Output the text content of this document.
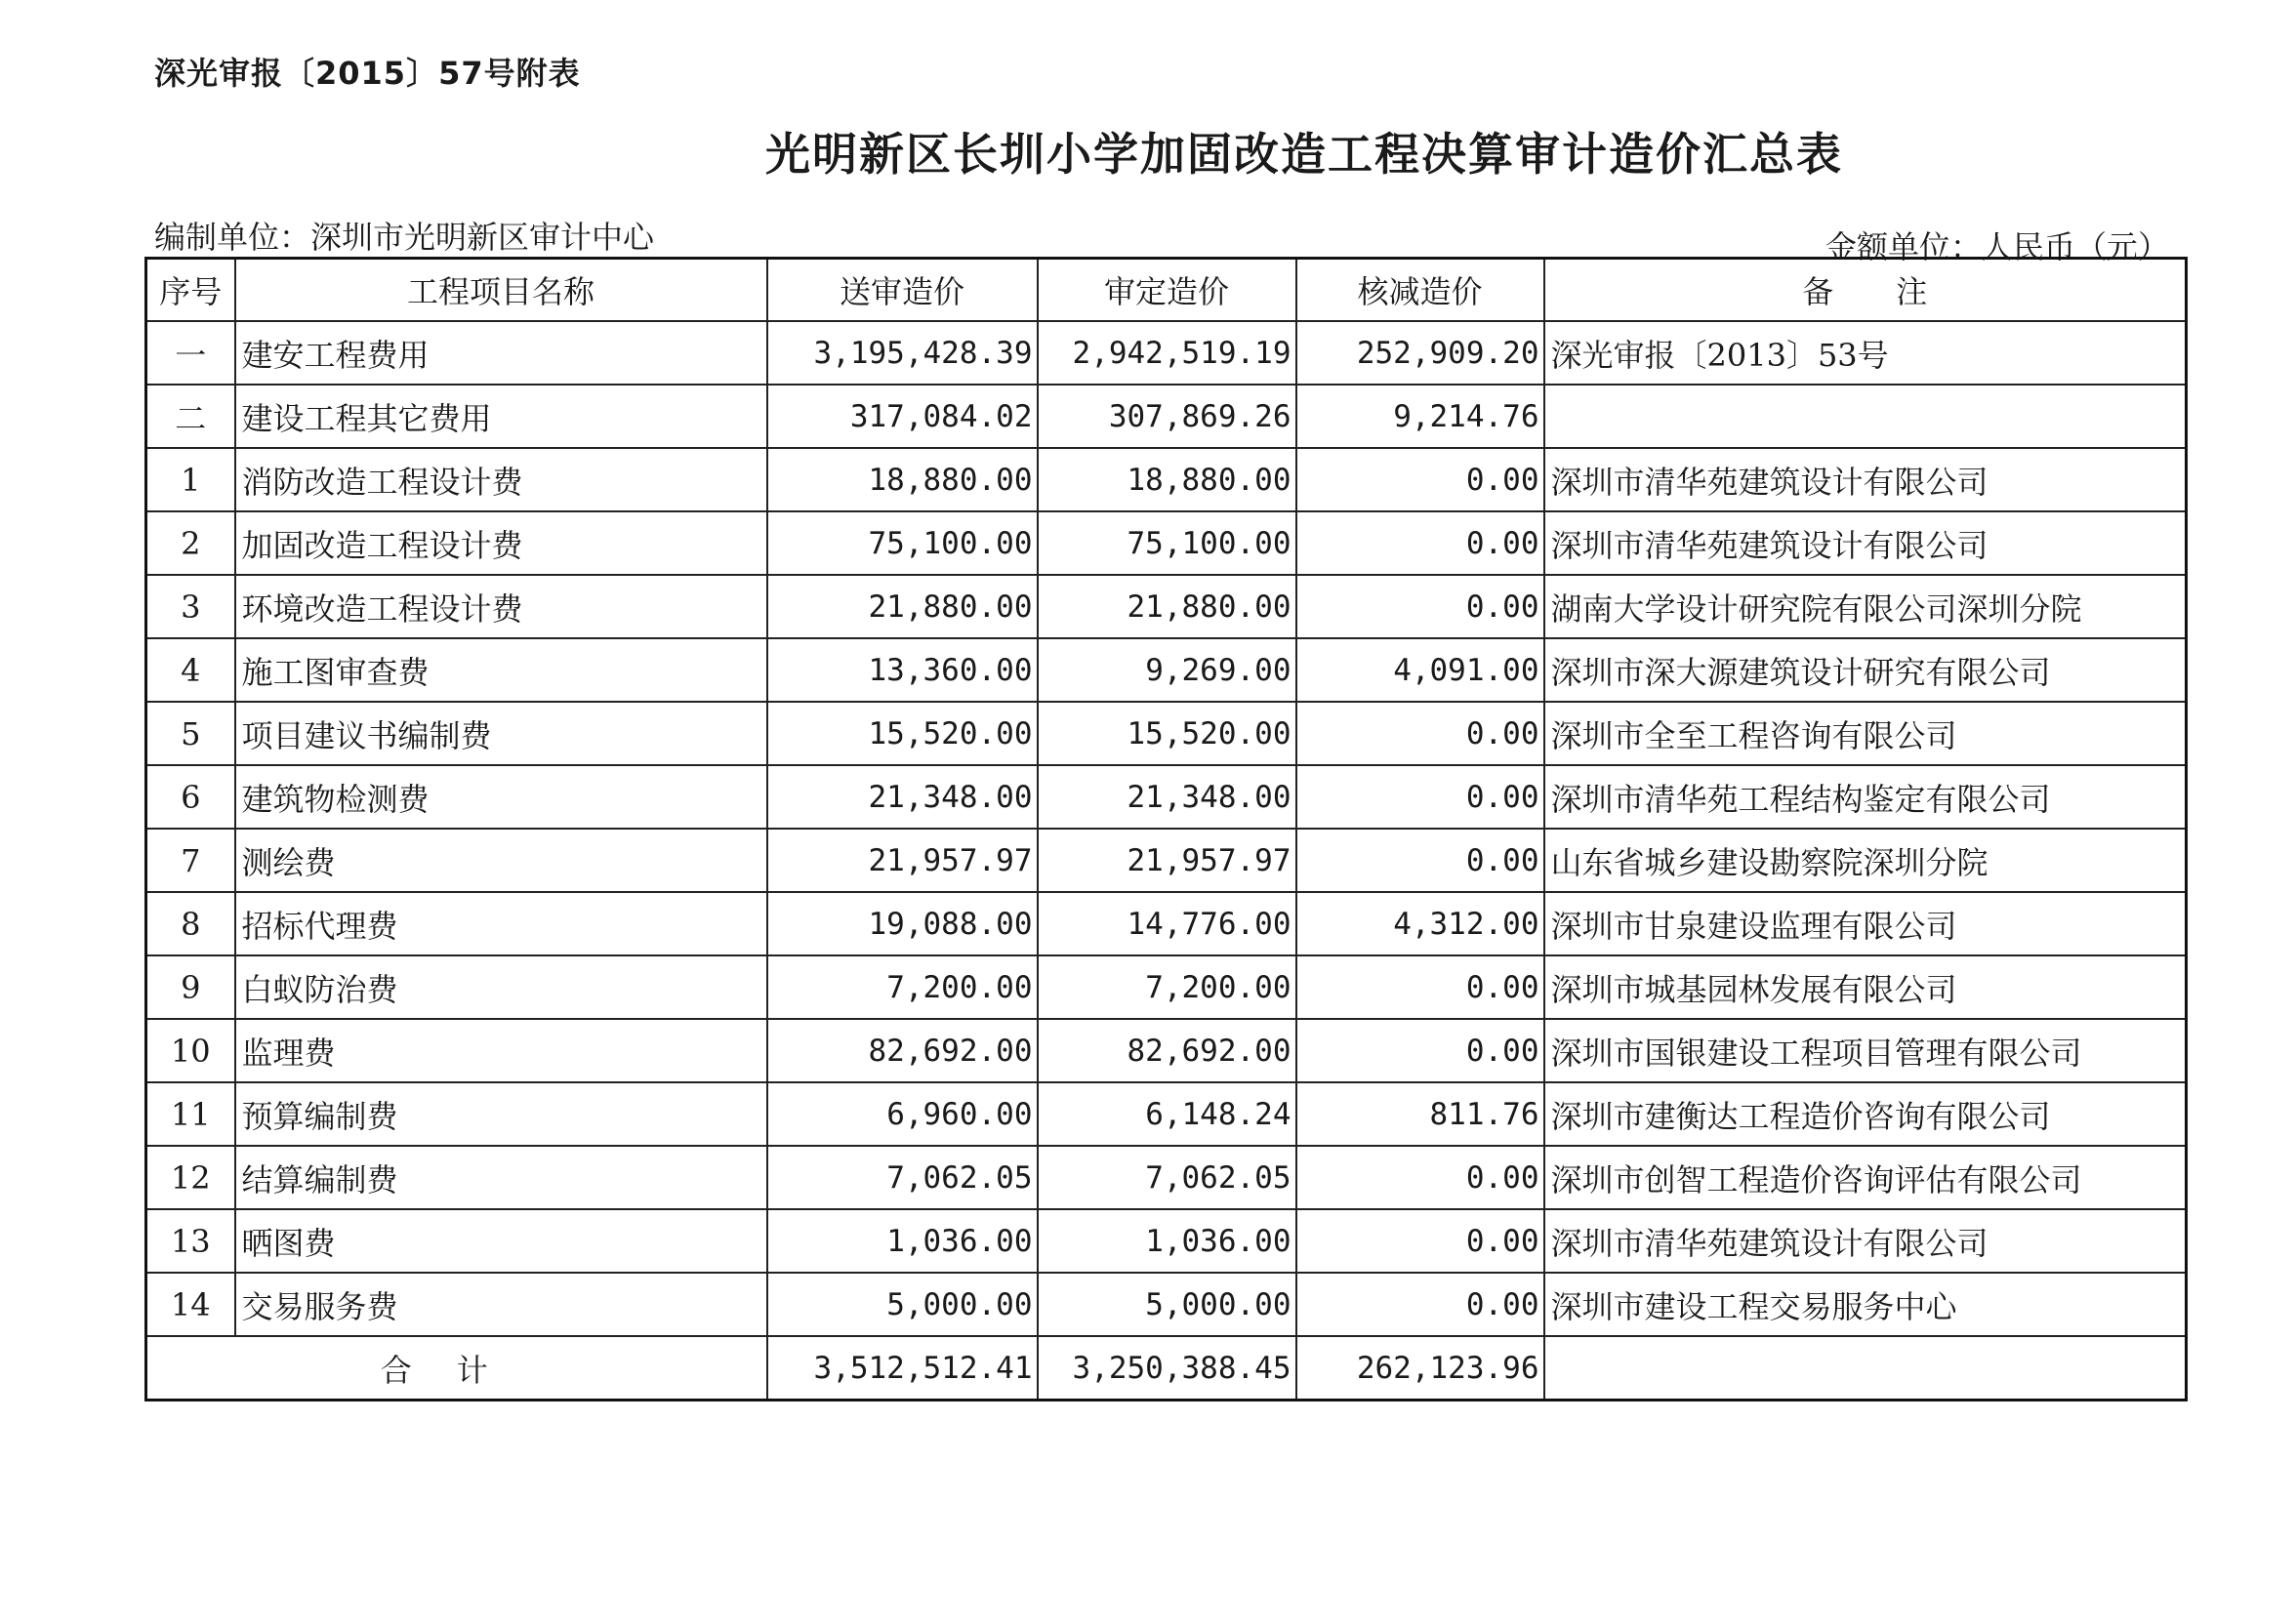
深光审报〔2015〕57号附表
光明新区长圳小学加固改造工程决算审计造价汇总表
编制单位：深圳市光明新区审计中心	金额单位：人民币（元）
序号	工程项目名称	送审造价	审定造价	核减造价	备　　注
一	建安工程费用	3,195,428.39	2,942,519.19	252,909.20	深光审报〔2013〕53号
二	建设工程其它费用	317,084.02	307,869.26	9,214.76	
1	消防改造工程设计费	18,880.00	18,880.00	0.00	深圳市清华苑建筑设计有限公司
2	加固改造工程设计费	75,100.00	75,100.00	0.00	深圳市清华苑建筑设计有限公司
3	环境改造工程设计费	21,880.00	21,880.00	0.00	湖南大学设计研究院有限公司深圳分院
4	施工图审查费	13,360.00	9,269.00	4,091.00	深圳市深大源建筑设计研究有限公司
5	项目建议书编制费	15,520.00	15,520.00	0.00	深圳市全至工程咨询有限公司
6	建筑物检测费	21,348.00	21,348.00	0.00	深圳市清华苑工程结构鉴定有限公司
7	测绘费	21,957.97	21,957.97	0.00	山东省城乡建设勘察院深圳分院
8	招标代理费	19,088.00	14,776.00	4,312.00	深圳市甘泉建设监理有限公司
9	白蚁防治费	7,200.00	7,200.00	0.00	深圳市城基园林发展有限公司
10	监理费	82,692.00	82,692.00	0.00	深圳市国银建设工程项目管理有限公司
11	预算编制费	6,960.00	6,148.24	811.76	深圳市建衡达工程造价咨询有限公司
12	结算编制费	7,062.05	7,062.05	0.00	深圳市创智工程造价咨询评估有限公司
13	晒图费	1,036.00	1,036.00	0.00	深圳市清华苑建筑设计有限公司
14	交易服务费	5,000.00	5,000.00	0.00	深圳市建设工程交易服务中心
合计		3,512,512.41	3,250,388.45	262,123.96	
